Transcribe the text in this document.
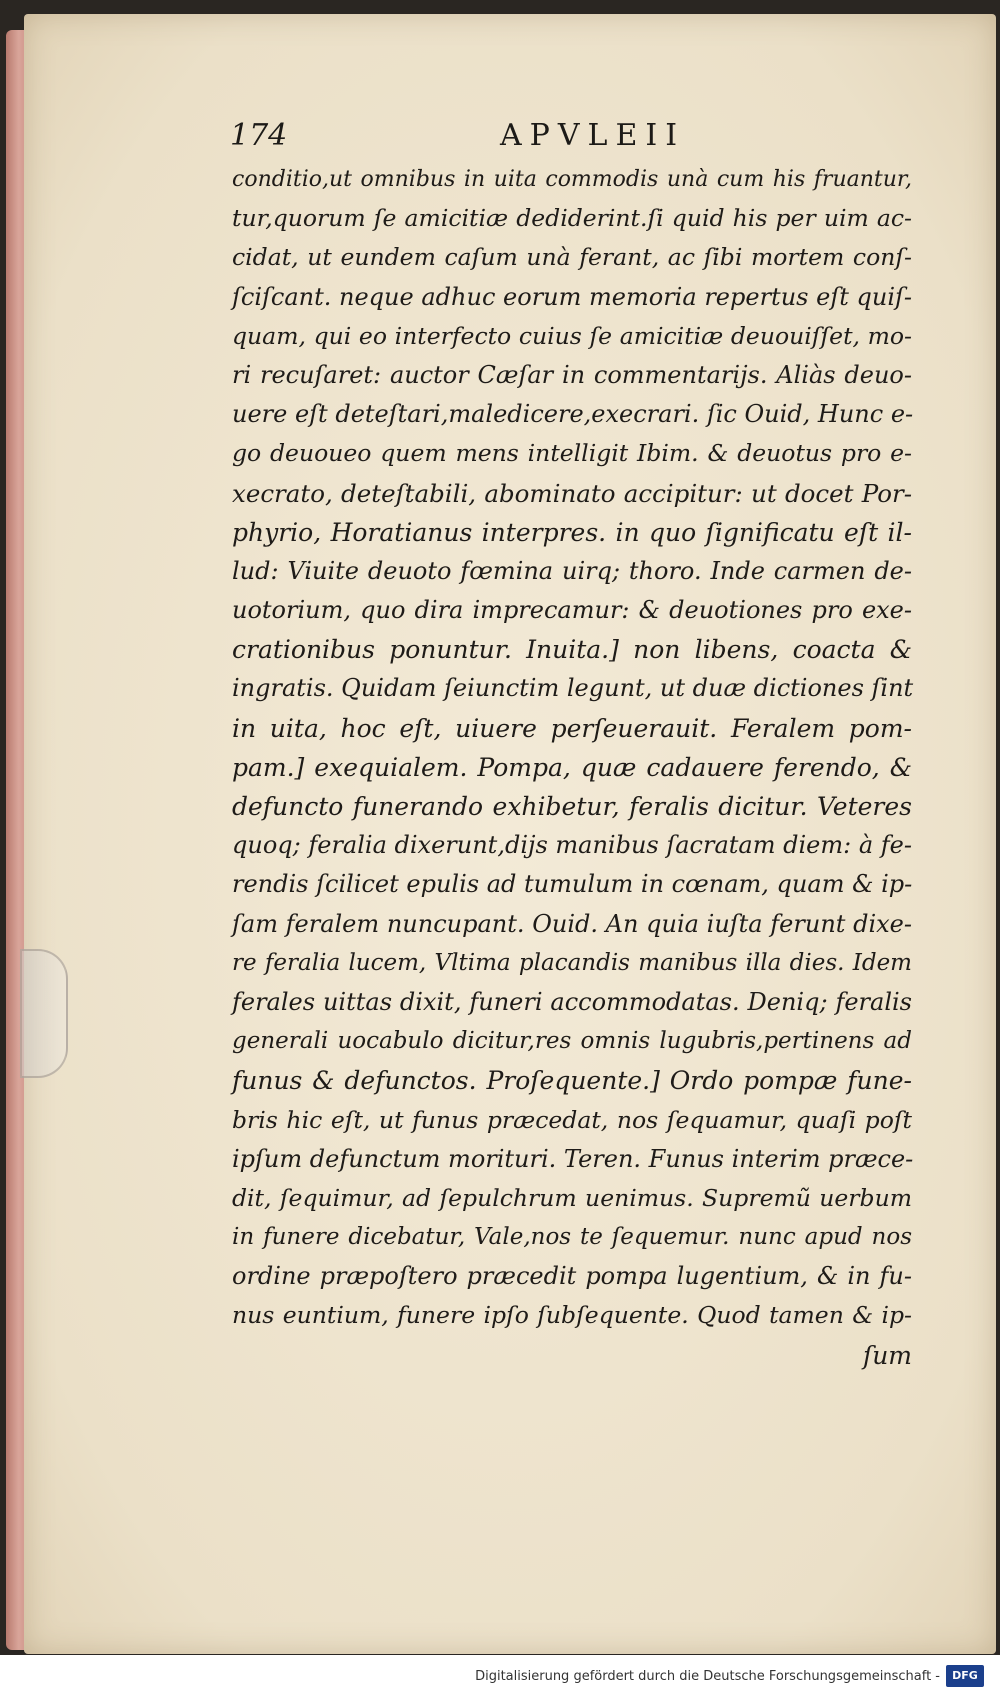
174	APVLEII
conditio,ut omnibus in uita commodis unà cum his fruantur,
tur,quorum ſe amicitiæ dediderint.ſi quid his per uim ac-
cidat, ut eundem caſum unà ferant, ac ſibi mortem conſ-
ſciſcant. neque adhuc eorum memoria repertus eſt quiſ-
quam, qui eo interfecto cuius ſe amicitiæ deuouiſſet, mo-
ri recuſaret: auctor Cæſar in commentarijs. Aliàs deuo-
uere eſt deteſtari,maledicere,execrari. ſic Ouid, Hunc e-
go deuoueo quem mens intelligit Ibim. & deuotus pro e-
xecrato, deteſtabili, abominato accipitur: ut docet Por-
phyrio, Horatianus interpres. in quo ſignificatu eſt il-
lud: Viuite deuoto fœmina uirq; thoro. Inde carmen de-
uotorium, quo dira imprecamur: & deuotiones pro exe-
crationibus ponuntur. Inuita.] non libens, coacta &
ingratis. Quidam ſeiunctim legunt, ut duæ dictiones ſint
in uita, hoc eſt, uiuere perſeuerauit. Feralem pom-
pam.] exequialem. Pompa, quæ cadauere ferendo, &
defuncto funerando exhibetur, feralis dicitur. Veteres
quoq; feralia dixerunt,dijs manibus ſacratam diem: à fe-
rendis ſcilicet epulis ad tumulum in cœnam, quam & ip-
ſam feralem nuncupant. Ouid. An quia iuſta ferunt dixe-
re feralia lucem, Vltima placandis manibus illa dies. Idem
ferales uittas dixit, funeri accommodatas. Deniq; feralis
generali uocabulo dicitur,res omnis lugubris,pertinens ad
funus & defunctos. Proſequente.] Ordo pompæ fune-
bris hic eſt, ut funus præcedat, nos ſequamur, quaſi poſt
ipſum defunctum morituri. Teren. Funus interim præce-
dit, ſequimur, ad ſepulchrum uenimus. Supremũ uerbum
in funere dicebatur, Vale,nos te ſequemur. nunc apud nos
ordine præpoſtero præcedit pompa lugentium, & in fu-
nus euntium, funere ipſo ſubſequente. Quod tamen & ip-
ſum
Digitalisierung gefördert durch die Deutsche Forschungsgemeinschaft -	DFG
